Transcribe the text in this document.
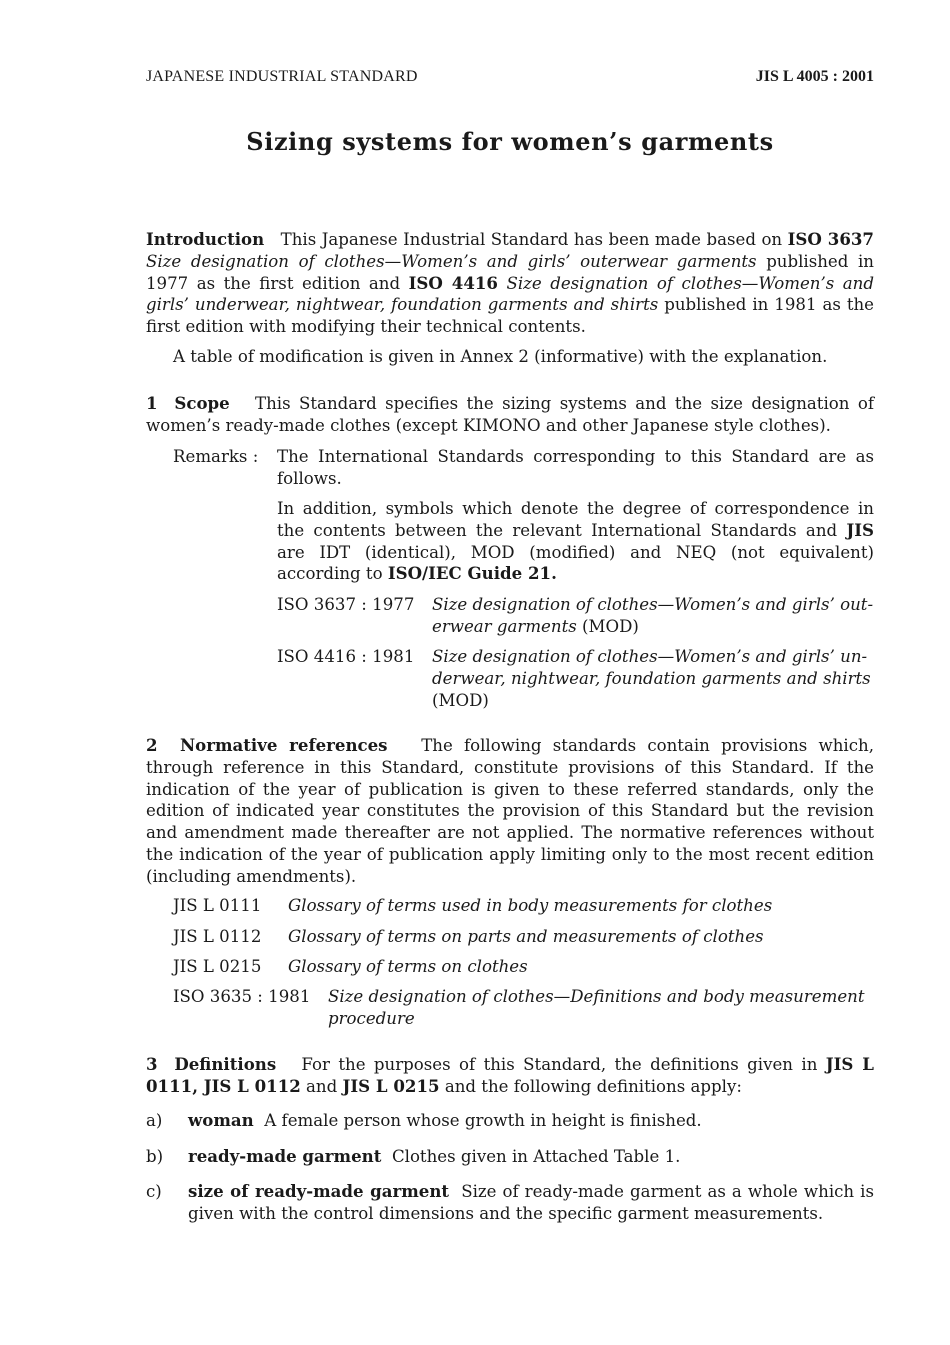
JAPANESE INDUSTRIAL STANDARD	JIS L 4005 : 2001
Sizing systems for women’s garments
Introduction This Japanese Industrial Standard has been made based on ISO 3637 Size designation of clothes—Women’s and girls’ outerwear garments published in 1977 as the first edition and ISO 4416 Size designation of clothes—Women’s and girls’ underwear, nightwear, foundation garments and shirts published in 1981 as the first edition with modifying their technical contents.
A table of modification is given in Annex 2 (informative) with the explanation.
1 Scope This Standard specifies the sizing systems and the size designation of women’s ready-made clothes (except KIMONO and other Japanese style clothes).
Remarks : The International Standards corresponding to this Standard are as follows.
In addition, symbols which denote the degree of correspondence in the contents between the relevant International Standards and JIS are IDT (identical), MOD (modified) and NEQ (not equivalent) according to ISO/IEC Guide 21.
ISO 3637 : 1977 Size designation of clothes—Women’s and girls’ out-
erwear garments (MOD)
ISO 4416 : 1981 Size designation of clothes—Women’s and girls’ un-
derwear, nightwear, foundation garments and shirts
(MOD)
2 Normative references The following standards contain provisions which, through reference in this Standard, constitute provisions of this Standard. If the indication of the year of publication is given to these referred standards, only the edition of indicated year constitutes the provision of this Standard but the revision and amendment made thereafter are not applied. The normative references without the indication of the year of publication apply limiting only to the most recent edition (including amendments).
JIS L 0111 Glossary of terms used in body measurements for clothes
JIS L 0112 Glossary of terms on parts and measurements of clothes
JIS L 0215 Glossary of terms on clothes
ISO 3635 : 1981 Size designation of clothes—Definitions and body measurement
procedure
3 Definitions For the purposes of this Standard, the definitions given in JIS L 0111, JIS L 0112 and JIS L 0215 and the following definitions apply:
a) woman A female person whose growth in height is finished.
b) ready-made garment Clothes given in Attached Table 1.
c) size of ready-made garment Size of ready-made garment as a whole which is given with the control dimensions and the specific garment measurements.
